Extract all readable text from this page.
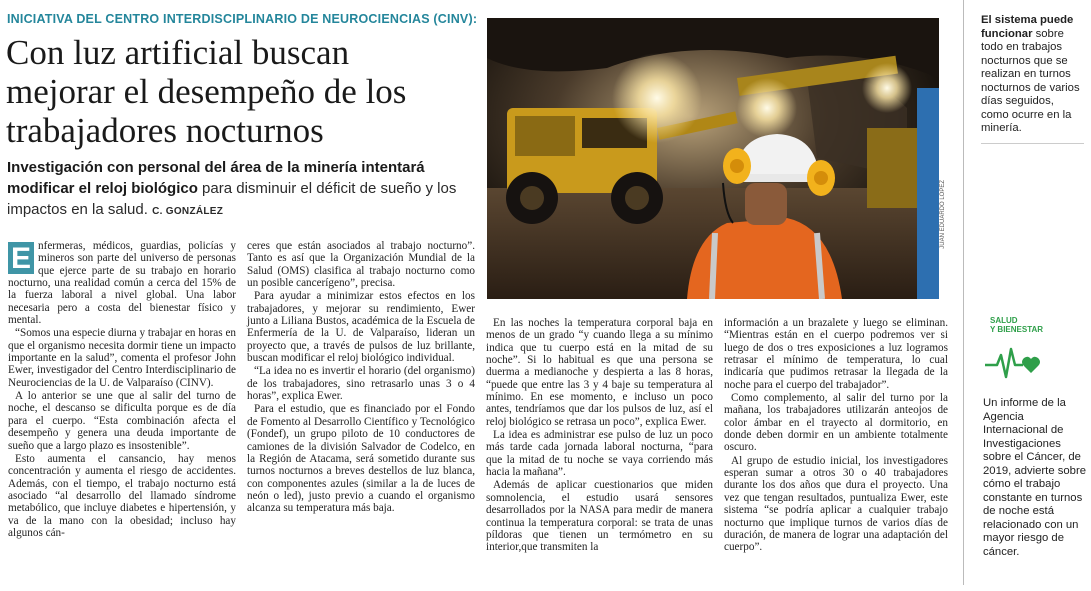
INICIATIVA DEL CENTRO INTERDISCIPLINARIO DE NEUROCIENCIAS (CINV):
Con luz artificial buscan
mejorar el desempeño de los
trabajadores nocturnos
Investigación con personal del área de la minería intentará modificar el reloj biológico para disminuir el déficit de sueño y los impactos en la salud. C. GONZÁLEZ

E nfermeras, médicos, guardias, policías y mineros son parte del universo de personas que ejerce parte de su trabajo en horario nocturno, una realidad común a cerca del 15% de la fuerza laboral a nivel global. Una labor necesaria pero a costa del bienestar físico y mental.

“Somos una especie diurna y trabajar en horas en que el organismo necesita dormir tiene un impacto importante en la salud”, comenta el profesor John Ewer, investigador del Centro Interdisciplinario de Neurociencias de la U. de Valparaíso (CINV).

A lo anterior se une que al salir del turno de noche, el descanso se dificulta porque es de día para el cuerpo. “Esta combinación afecta el desempeño y genera una deuda importante de sueño que a largo plazo es insostenible”.

Esto aumenta el cansancio, hay menos concentración y aumenta el riesgo de accidentes. Además, con el tiempo, el trabajo nocturno está asociado “al desarrollo del llamado síndrome metabólico, que incluye diabetes e hipertensión, y va de la mano con la obesidad; incluso hay algunos cán-

ceres que están asociados al trabajo nocturno”. Tanto es así que la Organización Mundial de la Salud (OMS) clasifica al trabajo nocturno como un posible cancerígeno”, precisa.

Para ayudar a minimizar estos efectos en los trabajadores, y mejorar su rendimiento, Ewer junto a Liliana Bustos, académica de la Escuela de Enfermería de la U. de Valparaíso, lideran un proyecto que, a través de pulsos de luz brillante, buscan modificar el reloj biológico individual.

“La idea no es invertir el horario (del organismo) de los trabajadores, sino retrasarlo unas 3 o 4 horas”, explica Ewer.

Para el estudio, que es financiado por el Fondo de Fomento al Desarrollo Científico y Tecnológico (Fondef), un grupo piloto de 10 conductores de camiones de la división Salvador de Codelco, en la Región de Atacama, será sometido durante sus turnos nocturnos a breves destellos de luz blanca, con componentes azules (similar a la de luces de neón o led), justo previo a cuando el organismo alcanza su temperatura más baja.

En las noches la temperatura corporal baja en menos de un grado “y cuando llega a su mínimo indica que tu cuerpo está en la mitad de su noche”. Si lo habitual es que una persona se duerma a medianoche y despierta a las 8 horas, “puede que entre las 3 y 4 baje su temperatura al mínimo. En ese momento, e incluso un poco antes, tendríamos que dar los pulsos de luz, así el reloj biológico se retrasa un poco”, explica Ewer.

La idea es administrar ese pulso de luz un poco más tarde cada jornada laboral nocturna, “para que la mitad de tu noche se vaya corriendo más hacia la mañana”.

Además de aplicar cuestionarios que miden somnolencia, el estudio usará sensores desarrollados por la NASA para medir de manera continua la temperatura corporal: se trata de unas píldoras que tienen un termómetro en su interior,que transmiten la

información a un brazalete y luego se eliminan. “Mientras están en el cuerpo podremos ver si luego de dos o tres exposiciones a luz logramos retrasar el mínimo de temperatura, lo cual indicaría que pudimos retrasar la llegada de la noche para el cuerpo del trabajador”.

Como complemento, al salir del turno por la mañana, los trabajadores utilizarán anteojos de color ámbar en el trayecto al dormitorio, en donde deben dormir en un ambiente totalmente oscuro.

Al grupo de estudio inicial, los investigadores esperan sumar a otros 30 o 40 trabajadores durante los dos años que dura el proyecto. Una vez que tengan resultados, puntualiza Ewer, este sistema “se podría aplicar a cualquier trabajo nocturno que implique turnos de varios días de duración, de manera de lograr una adaptación del cuerpo”.

JUAN EDUARDO LÓPEZ
El sistema puede funcionar sobre todo en trabajos nocturnos que se realizan en turnos nocturnos de varios días seguidos, como ocurre en la minería.
SALUD
Y BIENESTAR
Un informe de la Agencia Internacional de Investigaciones sobre el Cáncer, de 2019, advierte sobre cómo el trabajo constante en turnos de noche está relacionado con un mayor riesgo de cáncer.
